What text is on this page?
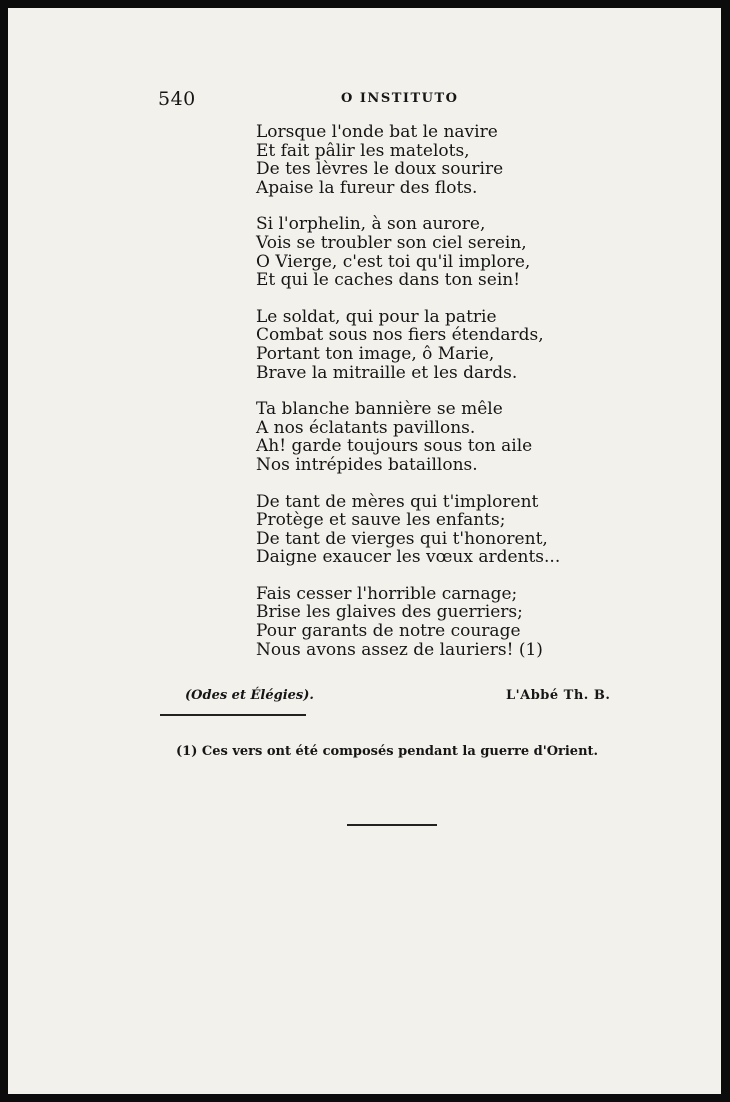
540	O INSTITUTO
Lorsque l'onde bat le navire
Et fait pâlir les matelots,
De tes lèvres le doux sourire
Apaise la fureur des flots.
Si l'orphelin, à son aurore,
Vois se troubler son ciel serein,
O Vierge, c'est toi qu'il implore,
Et qui le caches dans ton sein!
Le soldat, qui pour la patrie
Combat sous nos fiers étendards,
Portant ton image, ô Marie,
Brave la mitraille et les dards.
Ta blanche bannière se mêle
A nos éclatants pavillons.
Ah! garde toujours sous ton aile
Nos intrépides bataillons.
De tant de mères qui t'implorent
Protège et sauve les enfants;
De tant de vierges qui t'honorent,
Daigne exaucer les vœux ardents...
Fais cesser l'horrible carnage;
Brise les glaives des guerriers;
Pour garants de notre courage
Nous avons assez de lauriers! (1)
(Odes et Élégies).	L'Abbé Th. B.
(1) Ces vers ont été composés pendant la guerre d'Orient.
